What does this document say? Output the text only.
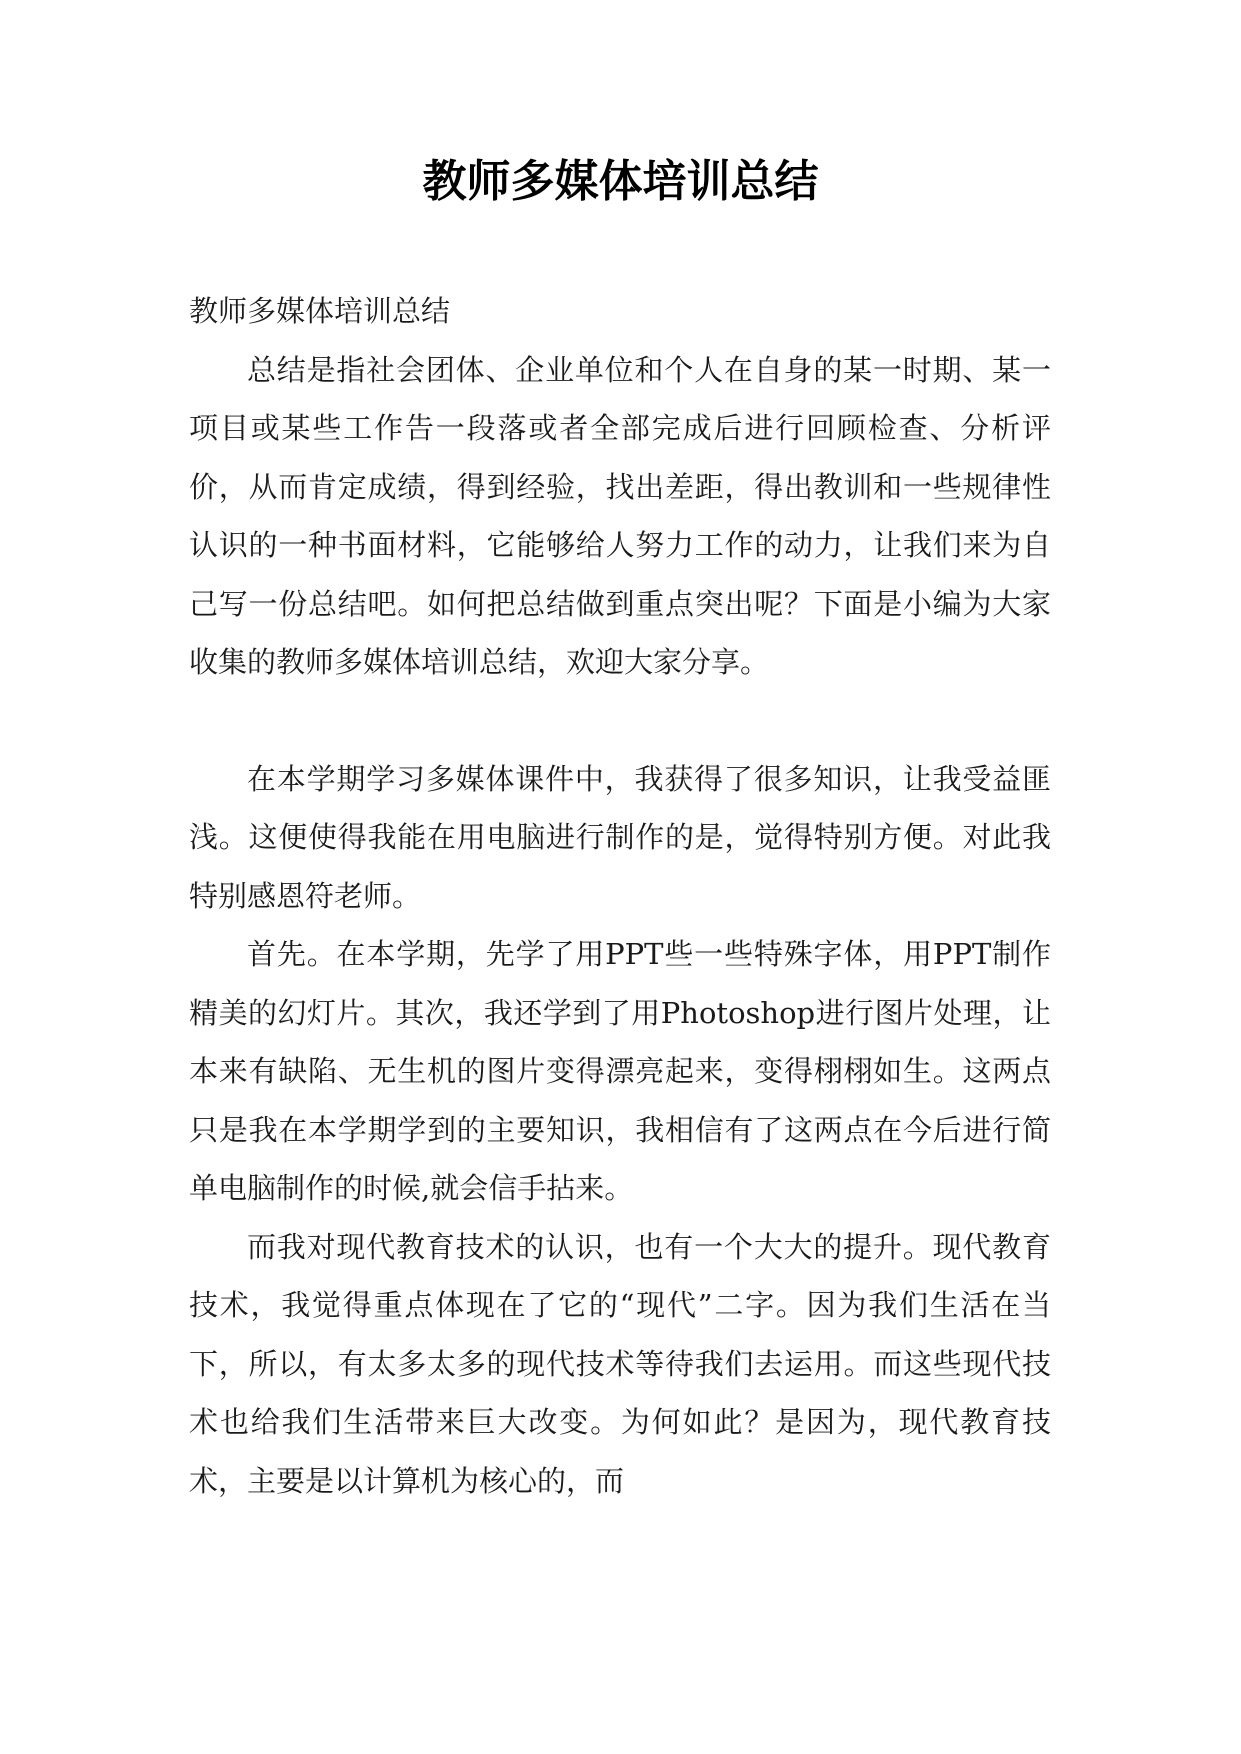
教师多媒体培训总结

教师多媒体培训总结

总结是指社会团体、企业单位和个人在自身的某一时期、某一项目或某些工作告一段落或者全部完成后进行回顾检查、分析评价，从而肯定成绩，得到经验，找出差距，得出教训和一些规律性认识的一种书面材料，它能够给人努力工作的动力，让我们来为自己写一份总结吧。如何把总结做到重点突出呢？下面是小编为大家收集的教师多媒体培训总结，欢迎大家分享。

在本学期学习多媒体课件中，我获得了很多知识，让我受益匪浅。这便使得我能在用电脑进行制作的是，觉得特别方便。对此我特别感恩符老师。

首先。在本学期，先学了用PPT些一些特殊字体，用PPT制作精美的幻灯片。其次，我还学到了用Photoshop进行图片处理，让本来有缺陷、无生机的图片变得漂亮起来，变得栩栩如生。这两点只是我在本学期学到的主要知识，我相信有了这两点在今后进行简单电脑制作的时候,就会信手拈来。

而我对现代教育技术的认识，也有一个大大的提升。现代教育技术，我觉得重点体现在了它的“现代”二字。因为我们生活在当下，所以，有太多太多的现代技术等待我们去运用。而这些现代技术也给我们生活带来巨大改变。为何如此？是因为，现代教育技术，主要是以计算机为核心的，而
